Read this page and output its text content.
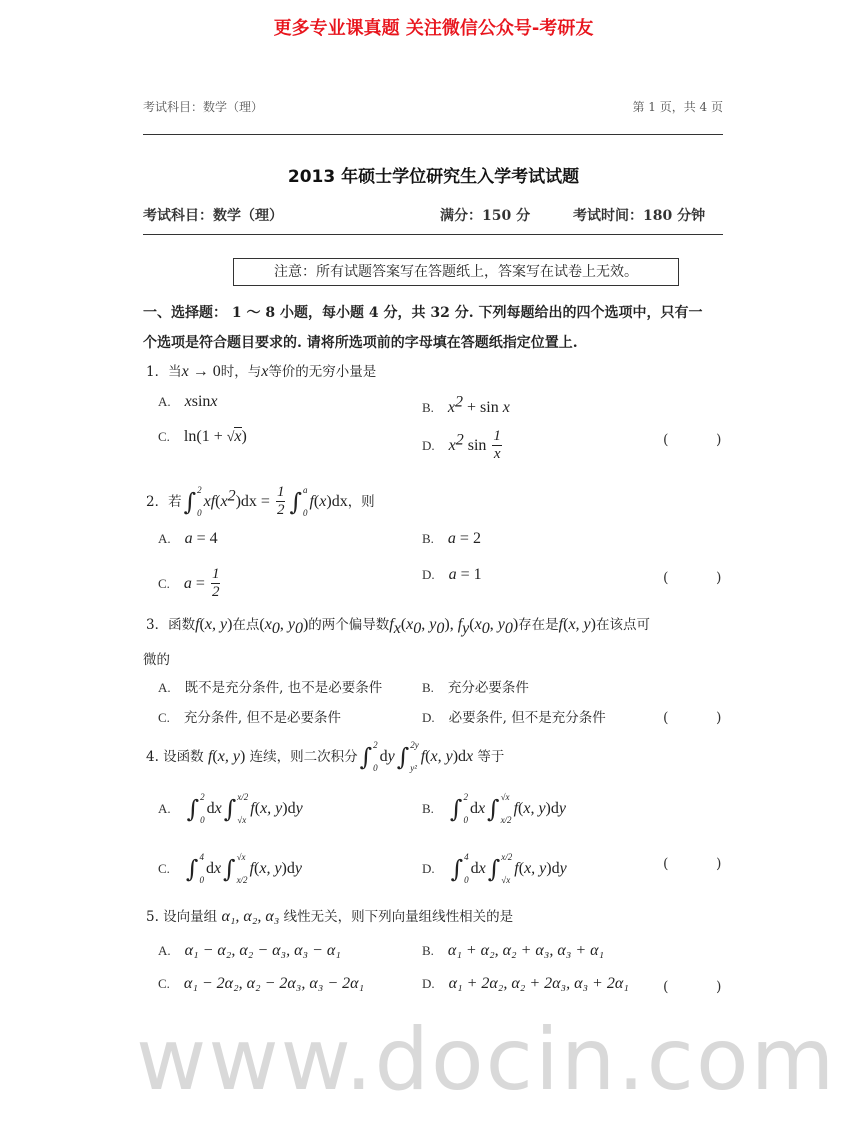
更多专业课真题 关注微信公众号-考研友
考试科目：数学（理）	第 1 页，共 4 页
2013 年硕士学位研究生入学考试试题
考试科目：数学（理）	满分：150 分	考试时间：180 分钟
注意：所有试题答案写在答题纸上，答案写在试卷上无效。
一、选择题： 1 ～ 8 小题，每小题 4 分，共 32 分. 下列每题给出的四个选项中，只有一
个选项是符合题目要求的. 请将所选项前的字母填在答题纸指定位置上.
1．当x → 0时，与x等价的无穷小量是
A. xsinx	B. $x^2 + \sin x$
C. ln(1 + √x)	D. $x^2$ $\sin \frac{1}{x}$	(	)
2．若 ∫ 2
0
$xf(x^2)dx = \frac{1}{2}$ ∫ a
0
f(x)dx，则
A. a = 4	B. a = 2
C. $a = \frac{1}{2}$	D. a = 1	(	)
3．函数f(x, y)在点($x_0$, $y_0$)的两个偏导数$f_x(x_0$, $y_0$), $f_y(x_0$, $y_0$)存在是f(x, y)在该点可
微的
A. 既不是充分条件, 也不是必要条件	B. 充分必要条件
C. 充分条件, 但不是必要条件	D. 必要条件, 但不是充分条件	(	)
4. 设函数 f(x, y) 连续，则二次积分 ∫ 2
0
dy ∫ 2y
y²
f(x, y)dx 等于
A. ∫ 2
0
dx ∫ x/2
√x
f(x, y)dy	B. ∫ 2
0
dx ∫ √x
x/2
f(x, y)dy
C. ∫ 4
0
dx ∫ √x
x/2
f(x, y)dy	D. ∫ 4
0
dx ∫ x/2
√x
f(x, y)dy	(	)
5. 设向量组 α₁, α₂, α₃ 线性无关，则下列向量组线性相关的是
A. α₁ − α₂, α₂ − α₃, α₃ − α₁	B. α₁ + α₂, α₂ + α₃, α₃ + α₁
C. α₁ − 2α₂, α₂ − 2α₃, α₃ − 2α₁	D. α₁ + 2α₂, α₂ + 2α₃, α₃ + 2α₁ (	)
www.docin.com
